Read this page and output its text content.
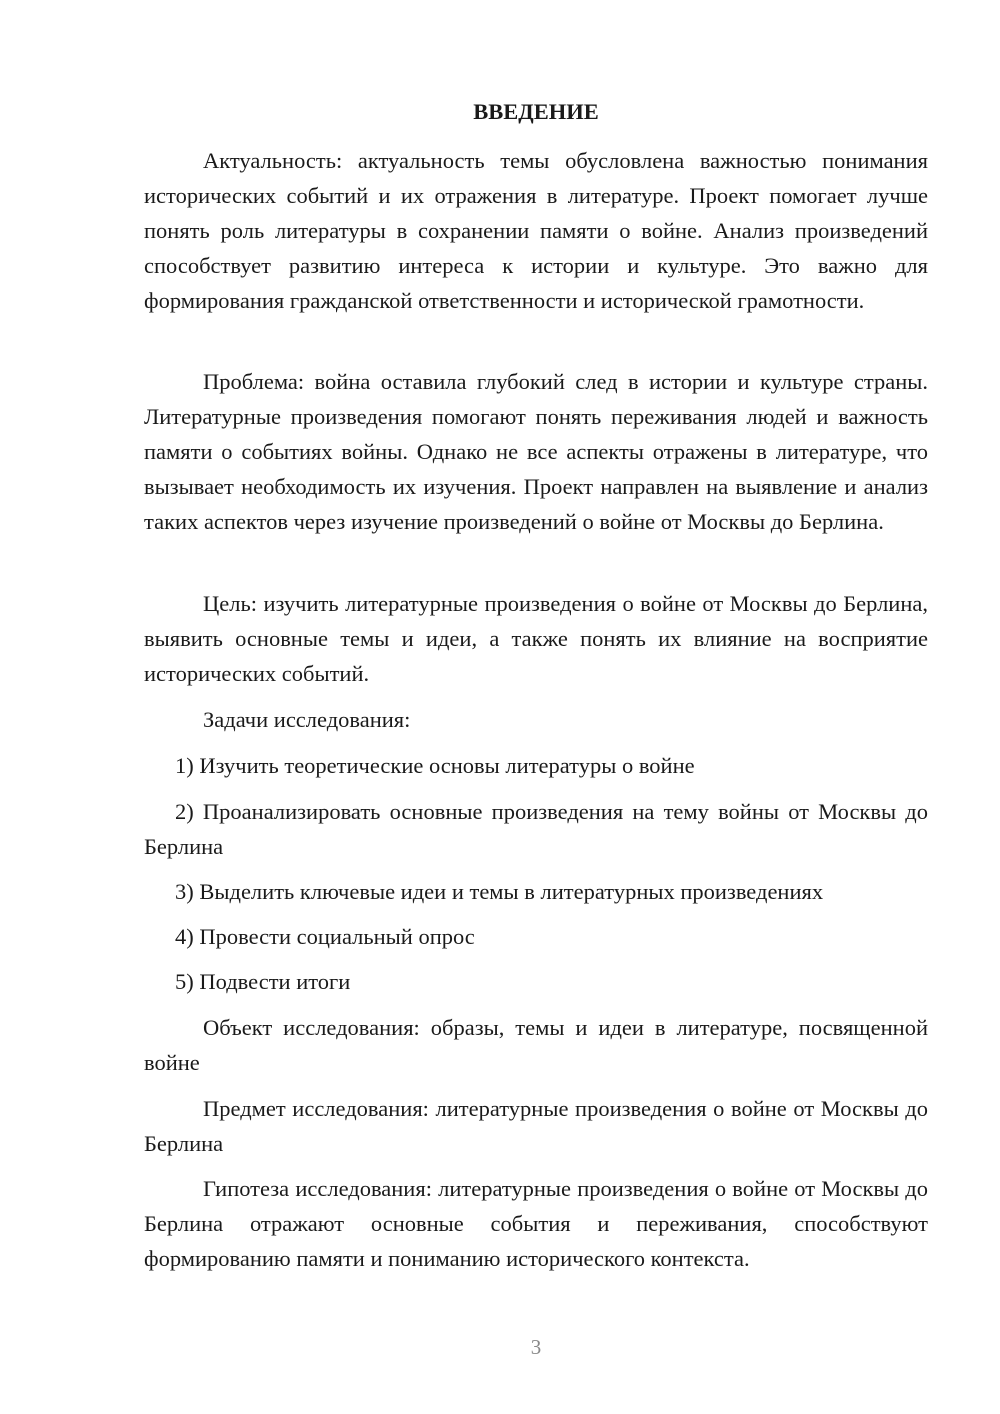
ВВЕДЕНИЕ

Актуальность: актуальность темы обусловлена важностью понимания исторических событий и их отражения в литературе. Проект помогает лучше понять роль литературы в сохранении памяти о войне. Анализ произведений способствует развитию интереса к истории и культуре. Это важно для формирования гражданской ответственности и исторической грамотности.

Проблема: война оставила глубокий след в истории и культуре страны. Литературные произведения помогают понять переживания людей и важность памяти о событиях войны. Однако не все аспекты отражены в литературе, что вызывает необходимость их изучения. Проект направлен на выявление и анализ таких аспектов через изучение произведений о войне от Москвы до Берлина.

Цель: изучить литературные произведения о войне от Москвы до Берлина, выявить основные темы и идеи, а также понять их влияние на восприятие исторических событий.

Задачи исследования:

1) Изучить теоретические основы литературы о войне

2) Проанализировать основные произведения на тему войны от Москвы до Берлина

3) Выделить ключевые идеи и темы в литературных произведениях

4) Провести социальный опрос

5) Подвести итоги

Объект исследования: образы, темы и идеи в литературе, посвященной войне

Предмет исследования: литературные произведения о войне от Москвы до Берлина

Гипотеза исследования: литературные произведения о войне от Москвы до Берлина отражают основные события и переживания, способствуют формированию памяти и пониманию исторического контекста.

3
